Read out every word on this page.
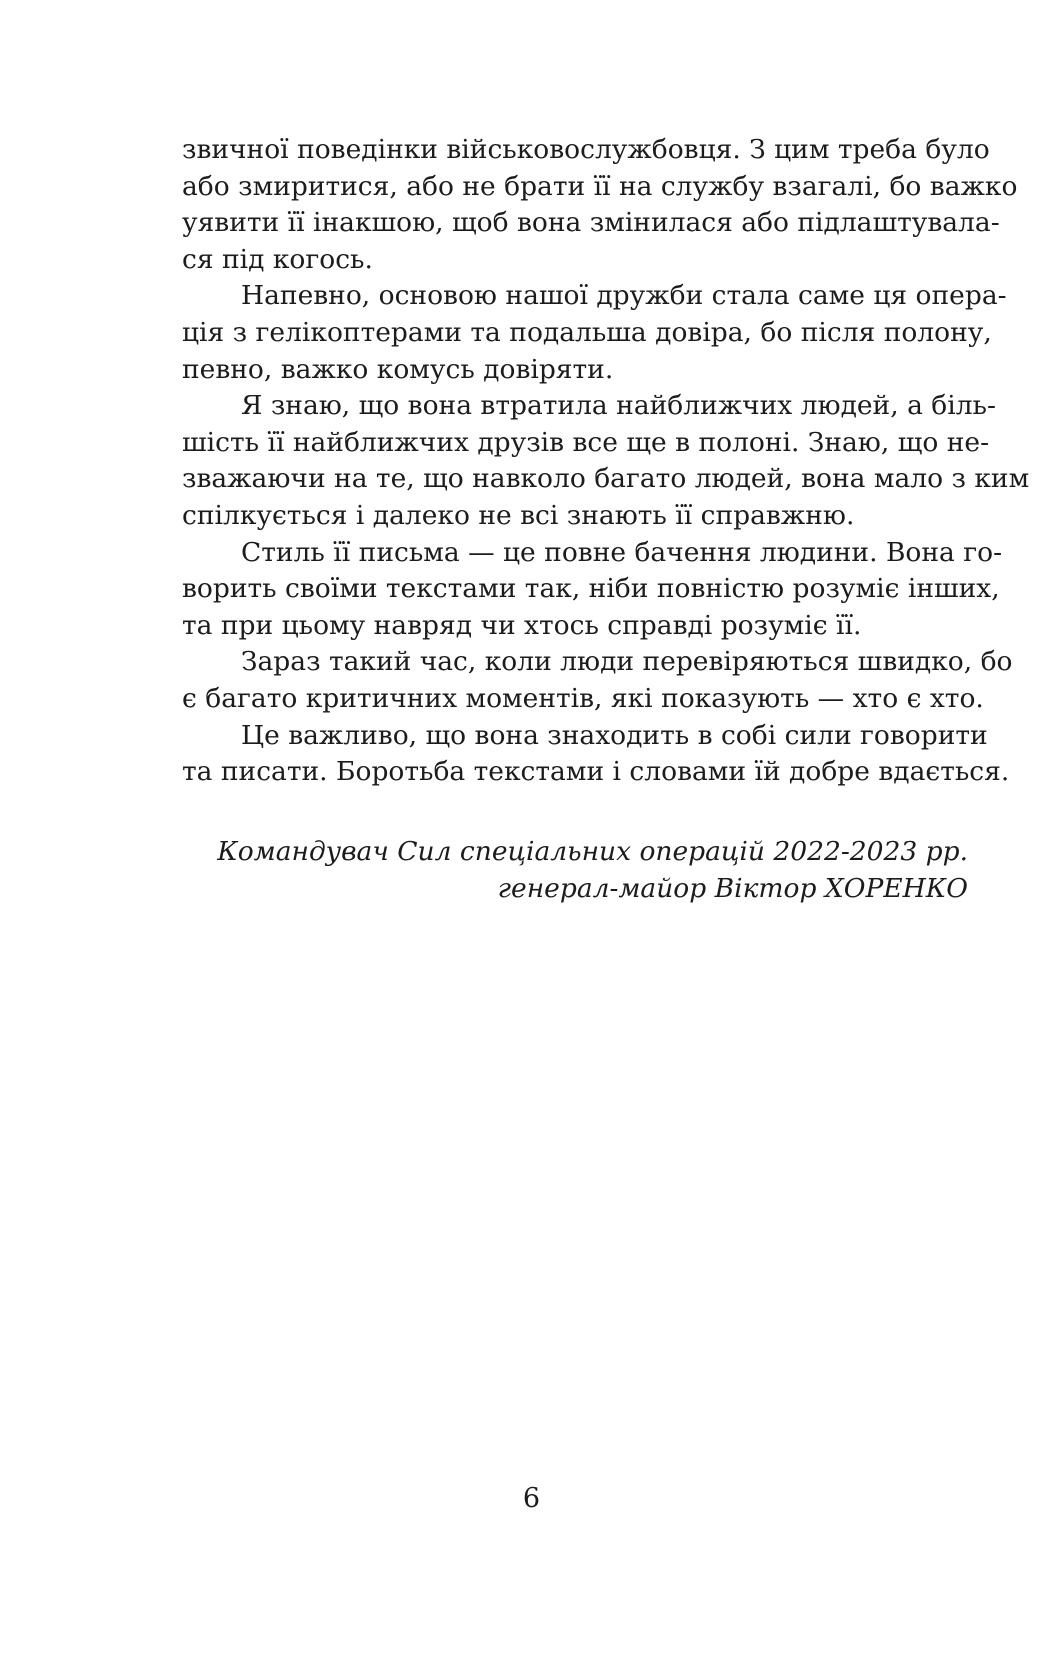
звичної поведінки військовослужбовця. З цим треба було
або змиритися, або не брати її на службу взагалі, бо важко
уявити її інакшою, щоб вона змінилася або підлаштувала-
ся під когось.
Напевно, основою нашої дружби стала саме ця опера-
ція з гелікоптерами та подальша довіра, бо після полону,
певно, важко комусь довіряти.
Я знаю, що вона втратила найближчих людей, а біль-
шість її найближчих друзів все ще в полоні. Знаю, що не-
зважаючи на те, що навколо багато людей, вона мало з ким
спілкується і далеко не всі знають її справжню.
Стиль її письма — це повне бачення людини. Вона го-
ворить своїми текстами так, ніби повністю розуміє інших,
та при цьому навряд чи хтось справді розуміє її.
Зараз такий час, коли люди перевіряються швидко, бо
є багато критичних моментів, які показують — хто є хто.
Це важливо, що вона знаходить в собі сили говорити
та писати. Боротьба текстами і словами їй добре вдається.
Командувач Сил спеціальних операцій 2022-2023 рр.
генерал-майор Віктор ХОРЕНКО
6
